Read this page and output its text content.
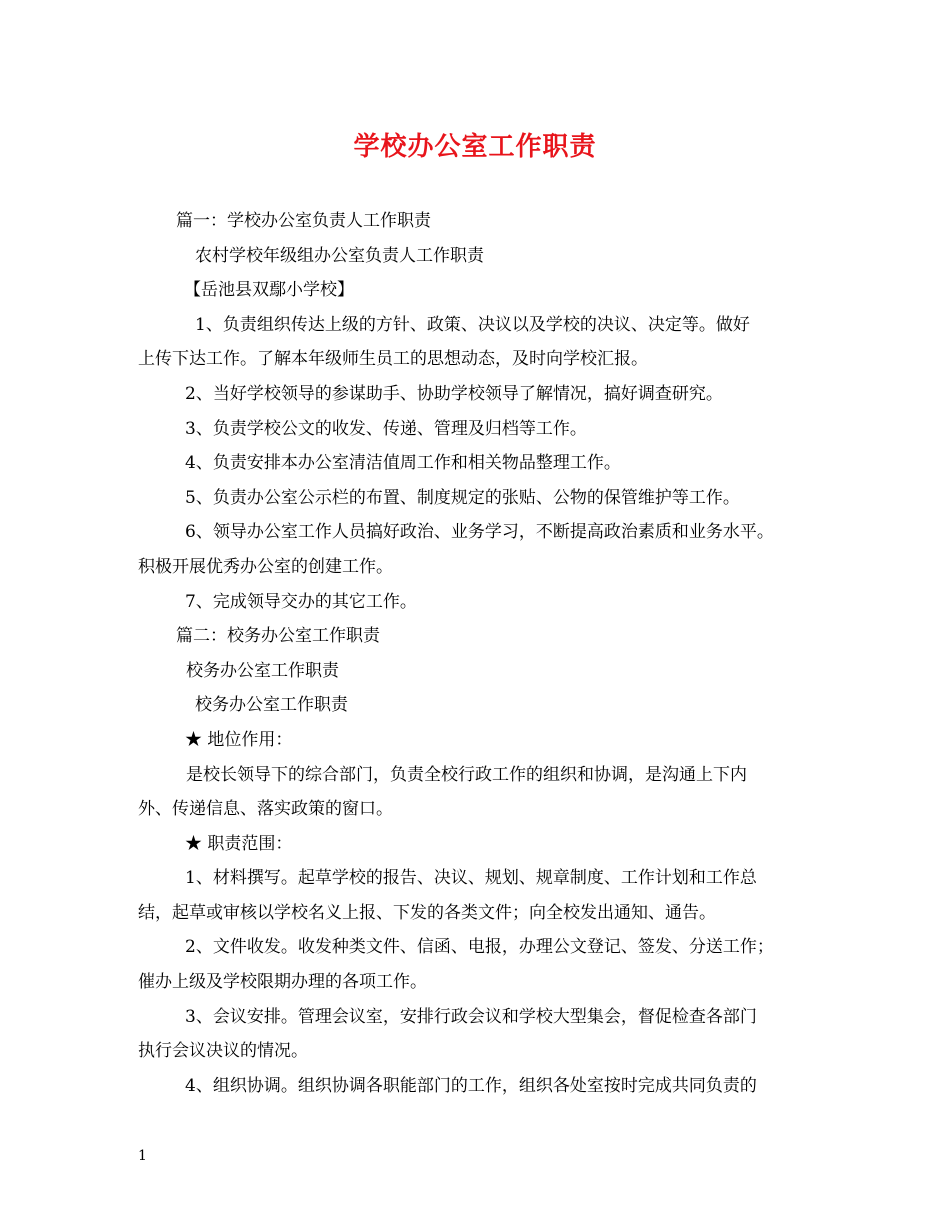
学校办公室工作职责

篇一：学校办公室负责人工作职责

农村学校年级组办公室负责人工作职责

【岳池县双鄢小学校】

1、负责组织传达上级的方针、政策、决议以及学校的决议、决定等。做好

上传下达工作。了解本年级师生员工的思想动态，及时向学校汇报。

2、当好学校领导的参谋助手、协助学校领导了解情况，搞好调查研究。

3、负责学校公文的收发、传递、管理及归档等工作。

4、负责安排本办公室清洁值周工作和相关物品整理工作。

5、负责办公室公示栏的布置、制度规定的张贴、公物的保管维护等工作。

6、领导办公室工作人员搞好政治、业务学习，不断提高政治素质和业务水平。

积极开展优秀办公室的创建工作。

7、完成领导交办的其它工作。

篇二：校务办公室工作职责

校务办公室工作职责

校务办公室工作职责

★ 地位作用：

是校长领导下的综合部门，负责全校行政工作的组织和协调，是沟通上下内

外、传递信息、落实政策的窗口。

★ 职责范围：

1、材料撰写。起草学校的报告、决议、规划、规章制度、工作计划和工作总

结，起草或审核以学校名义上报、下发的各类文件；向全校发出通知、通告。

2、文件收发。收发种类文件、信函、电报，办理公文登记、签发、分送工作；

催办上级及学校限期办理的各项工作。

3、会议安排。管理会议室，安排行政会议和学校大型集会，督促检查各部门

执行会议决议的情况。

4、组织协调。组织协调各职能部门的工作，组织各处室按时完成共同负责的

1
